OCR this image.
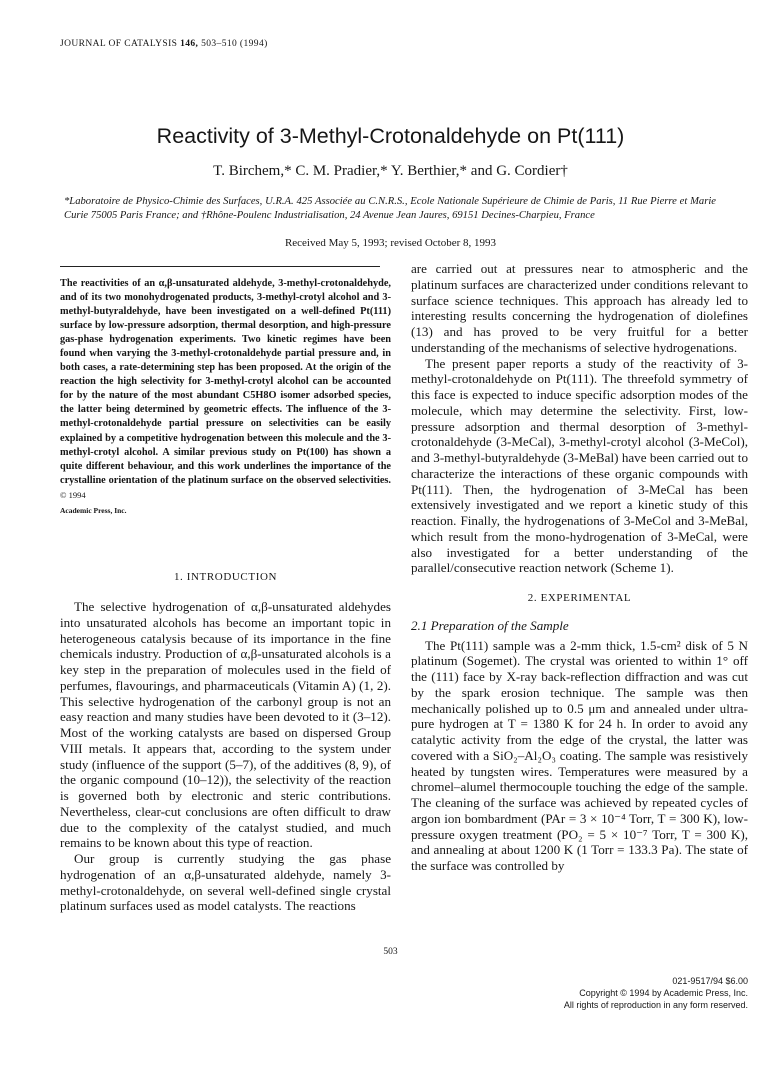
JOURNAL OF CATALYSIS 146, 503–510 (1994)
Reactivity of 3-Methyl-Crotonaldehyde on Pt(111)
T. Birchem,* C. M. Pradier,* Y. Berthier,* and G. Cordier†
*Laboratoire de Physico-Chimie des Surfaces, U.R.A. 425 Associée au C.N.R.S., Ecole Nationale Supérieure de Chimie de Paris, 11 Rue Pierre et Marie Curie 75005 Paris France; and †Rhône-Poulenc Industrialisation, 24 Avenue Jean Jaures, 69151 Decines-Charpieu, France
Received May 5, 1993; revised October 8, 1993
The reactivities of an α,β-unsaturated aldehyde, 3-methyl-crotonaldehyde, and of its two monohydrogenated products, 3-methyl-crotyl alcohol and 3-methyl-butyraldehyde, have been investigated on a well-defined Pt(111) surface by low-pressure adsorption, thermal desorption, and high-pressure gas-phase hydrogenation experiments. Two kinetic regimes have been found when varying the 3-methyl-crotonaldehyde partial pressure and, in both cases, a rate-determining step has been proposed. At the origin of the reaction the high selectivity for 3-methyl-crotyl alcohol can be accounted for by the nature of the most abundant C5H8O isomer adsorbed species, the latter being determined by geometric effects. The influence of the 3-methyl-crotonaldehyde partial pressure on selectivities can be easily explained by a competitive hydrogenation between this molecule and the 3-methyl-crotyl alcohol. A similar previous study on Pt(100) has shown a quite different behaviour, and this work underlines the importance of the crystalline orientation of the platinum surface on the observed selectivities. © 1994
Academic Press, Inc.
1. INTRODUCTION

The selective hydrogenation of α,β-unsaturated aldehydes into unsaturated alcohols has become an important topic in heterogeneous catalysis because of its importance in the fine chemicals industry. Production of α,β-unsaturated alcohols is a key step in the preparation of molecules used in the field of perfumes, flavourings, and pharmaceuticals (Vitamin A) (1, 2). This selective hydrogenation of the carbonyl group is not an easy reaction and many studies have been devoted to it (3–12). Most of the working catalysts are based on dispersed Group VIII metals. It appears that, according to the system under study (influence of the support (5–7), of the additives (8, 9), of the organic compound (10–12)), the selectivity of the reaction is governed both by electronic and steric contributions. Nevertheless, clear-cut conclusions are often difficult to draw due to the complexity of the catalyst studied, and much remains to be known about this type of reaction.

Our group is currently studying the gas phase hydrogenation of an α,β-unsaturated aldehyde, namely 3-methyl-crotonaldehyde, on several well-defined single crystal platinum surfaces used as model catalysts. The reactions

are carried out at pressures near to atmospheric and the platinum surfaces are characterized under conditions relevant to surface science techniques. This approach has already led to interesting results concerning the hydrogenation of diolefines (13) and has proved to be very fruitful for a better understanding of the mechanisms of selective hydrogenations.

The present paper reports a study of the reactivity of 3-methyl-crotonaldehyde on Pt(111). The threefold symmetry of this face is expected to induce specific adsorption modes of the molecule, which may determine the selectivity. First, low-pressure adsorption and thermal desorption of 3-methyl-crotonaldehyde (3-MeCal), 3-methyl-crotyl alcohol (3-MeCol), and 3-methyl-butyraldehyde (3-MeBal) have been carried out to characterize the interactions of these organic compounds with Pt(111). Then, the hydrogenation of 3-MeCal has been extensively investigated and we report a kinetic study of this reaction. Finally, the hydrogenations of 3-MeCol and 3-MeBal, which result from the mono-hydrogenation of 3-MeCal, were also investigated for a better understanding of the parallel/consecutive reaction network (Scheme 1).

2. EXPERIMENTAL
2.1 Preparation of the Sample

The Pt(111) sample was a 2-mm thick, 1.5-cm² disk of 5 N platinum (Sogemet). The crystal was oriented to within 1° off the (111) face by X-ray back-reflection diffraction and was cut by the spark erosion technique. The sample was then mechanically polished up to 0.5 μm and annealed under ultra-pure hydrogen at T = 1380 K for 24 h. In order to avoid any catalytic activity from the edge of the crystal, the latter was covered with a SiO₂–Al₂O₃ coating. The sample was resistively heated by tungsten wires. Temperatures were measured by a chromel–alumel thermocouple touching the edge of the sample. The cleaning of the surface was achieved by repeated cycles of argon ion bombardment (PAr = 3 × 10⁻⁴ Torr, T = 300 K), low-pressure oxygen treatment (PO₂ = 5 × 10⁻⁷ Torr, T = 300 K), and annealing at about 1200 K (1 Torr = 133.3 Pa). The state of the surface was controlled by

503
021-9517/94 $6.00
Copyright © 1994 by Academic Press, Inc.
All rights of reproduction in any form reserved.
